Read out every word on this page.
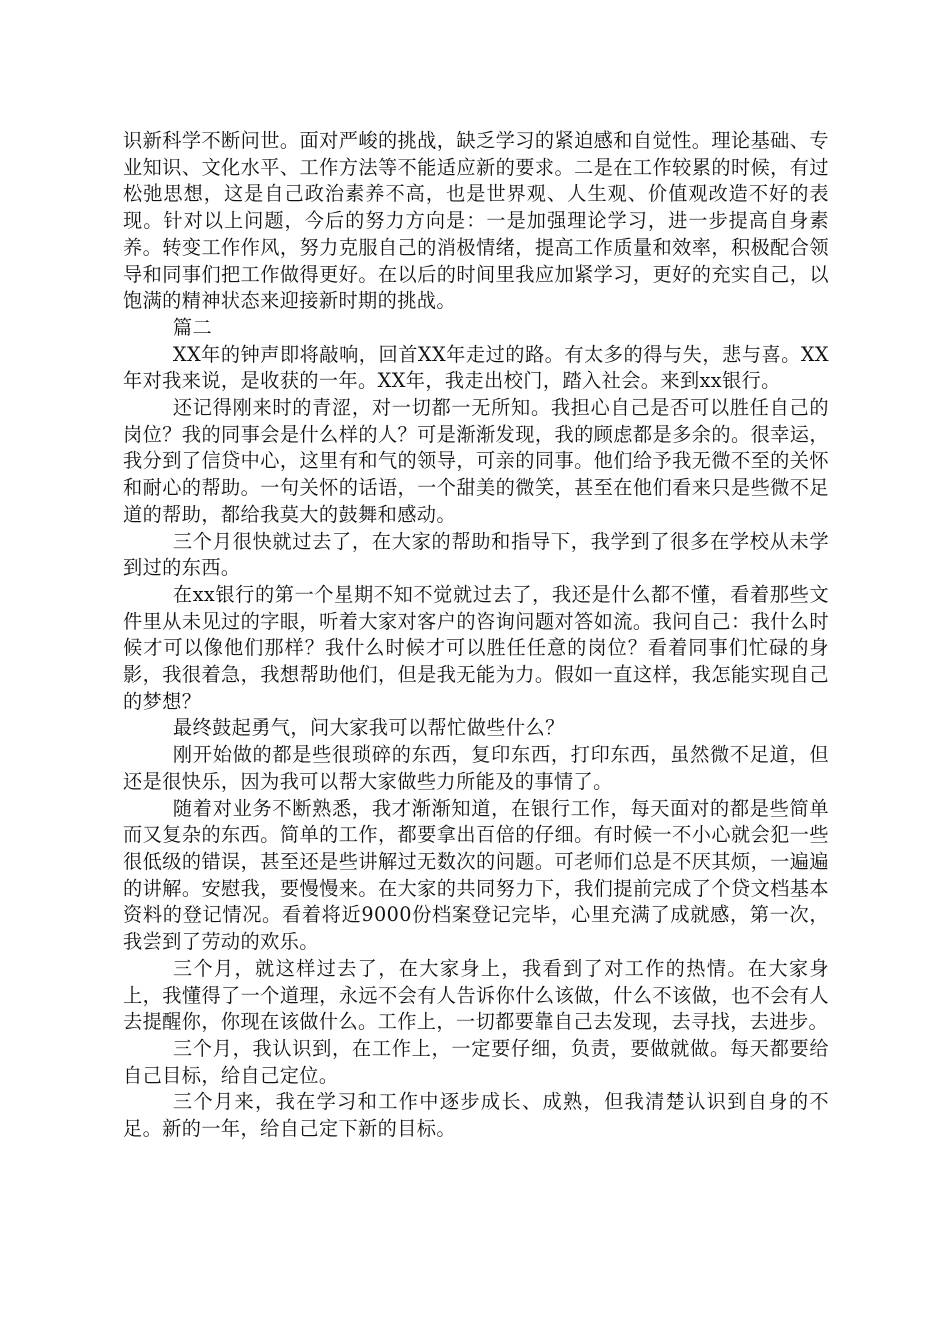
识新科学不断问世。面对严峻的挑战，缺乏学习的紧迫感和自觉性。理论基础、专业知识、文化水平、工作方法等不能适应新的要求。二是在工作较累的时候，有过松弛思想，这是自己政治素养不高，也是世界观、人生观、价值观改造不好的表现。针对以上问题，今后的努力方向是：一是加强理论学习，进一步提高自身素养。转变工作作风，努力克服自己的消极情绪，提高工作质量和效率，积极配合领导和同事们把工作做得更好。在以后的时间里我应加紧学习，更好的充实自己，以饱满的精神状态来迎接新时期的挑战。

篇二

XX年的钟声即将敲响，回首XX年走过的路。有太多的得与失，悲与喜。XX年对我来说，是收获的一年。XX年，我走出校门，踏入社会。来到xx银行。

还记得刚来时的青涩，对一切都一无所知。我担心自己是否可以胜任自己的岗位？我的同事会是什么样的人？可是渐渐发现，我的顾虑都是多余的。很幸运，我分到了信贷中心，这里有和气的领导，可亲的同事。他们给予我无微不至的关怀和耐心的帮助。一句关怀的话语，一个甜美的微笑，甚至在他们看来只是些微不足道的帮助，都给我莫大的鼓舞和感动。

三个月很快就过去了，在大家的帮助和指导下，我学到了很多在学校从未学到过的东西。

在xx银行的第一个星期不知不觉就过去了，我还是什么都不懂，看着那些文件里从未见过的字眼，听着大家对客户的咨询问题对答如流。我问自己：我什么时候才可以像他们那样？我什么时候才可以胜任任意的岗位？看着同事们忙碌的身影，我很着急，我想帮助他们，但是我无能为力。假如一直这样，我怎能实现自己的梦想？

最终鼓起勇气，问大家我可以帮忙做些什么？

刚开始做的都是些很琐碎的东西，复印东西，打印东西，虽然微不足道，但还是很快乐，因为我可以帮大家做些力所能及的事情了。

随着对业务不断熟悉，我才渐渐知道，在银行工作，每天面对的都是些简单而又复杂的东西。简单的工作，都要拿出百倍的仔细。有时候一不小心就会犯一些很低级的错误，甚至还是些讲解过无数次的问题。可老师们总是不厌其烦，一遍遍的讲解。安慰我，要慢慢来。在大家的共同努力下，我们提前完成了个贷文档基本资料的登记情况。看着将近9000份档案登记完毕，心里充满了成就感，第一次，我尝到了劳动的欢乐。

三个月，就这样过去了，在大家身上，我看到了对工作的热情。在大家身上，我懂得了一个道理，永远不会有人告诉你什么该做，什么不该做，也不会有人去提醒你，你现在该做什么。工作上，一切都要靠自己去发现，去寻找，去进步。

三个月，我认识到，在工作上，一定要仔细，负责，要做就做。每天都要给自己目标，给自己定位。

三个月来，我在学习和工作中逐步成长、成熟，但我清楚认识到自身的不足。新的一年，给自己定下新的目标。
